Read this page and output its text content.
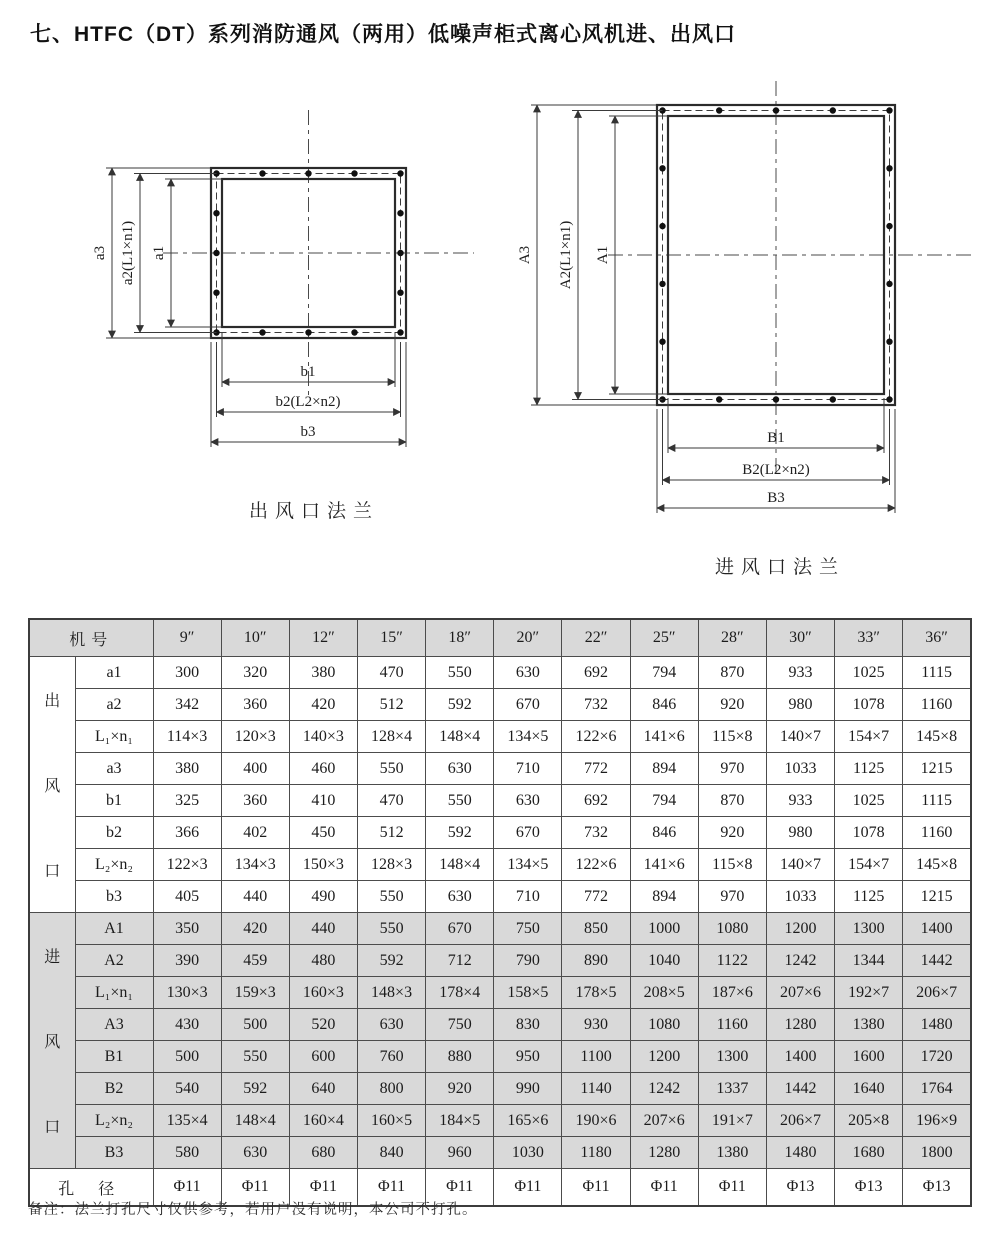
七、HTFC（DT）系列消防通风（两用）低噪声柜式离心风机进、出风口
a3 a2(L1×n1) a1
b1
b2(L2×n2)
b3
出风口法兰
A3 A2(L1×n1) A1
B1
B2(L2×n2)
B3
进风口法兰
机号		9″	10″	12″	15″	18″	20″	22″	25″	28″	30″	33″	36″

出
风
口	a1	300	320	380	470	550	630	692	794	870	933	1025	1115
	a2	342	360	420	512	592	670	732	846	920	980	1078	1160
	L₁×n₁	114×3	120×3	140×3	128×4	148×4	134×5	122×6	141×6	115×8	140×7	154×7	145×8
	a3	380	400	460	550	630	710	772	894	970	1033	1125	1215
	b1	325	360	410	470	550	630	692	794	870	933	1025	1115
	b2	366	402	450	512	592	670	732	846	920	980	1078	1160
	L₂×n₂	122×3	134×3	150×3	128×3	148×4	134×5	122×6	141×6	115×8	140×7	154×7	145×8
	b3	405	440	490	550	630	710	772	894	970	1033	1125	1215

进
风
口	A1	350	420	440	550	670	750	850	1000	1080	1200	1300	1400
	A2	390	459	480	592	712	790	890	1040	1122	1242	1344	1442
	L₁×n₁	130×3	159×3	160×3	148×3	178×4	158×5	178×5	208×5	187×6	207×6	192×7	206×7
	A3	430	500	520	630	750	830	930	1080	1160	1280	1380	1480
	B1	500	550	600	760	880	950	1100	1200	1300	1400	1600	1720
	B2	540	592	640	800	920	990	1140	1242	1337	1442	1640	1764
	L₂×n₂	135×4	148×4	160×4	160×5	184×5	165×6	190×6	207×6	191×7	206×7	205×8	196×9
	B3	580	630	680	840	960	1030	1180	1280	1380	1480	1680	1800
孔 径		Φ11	Φ11	Φ11	Φ11	Φ11	Φ11	Φ11	Φ11	Φ11	Φ13	Φ13	Φ13
备注：法兰打孔尺寸仅供参考，若用户没有说明，本公司不打孔。
